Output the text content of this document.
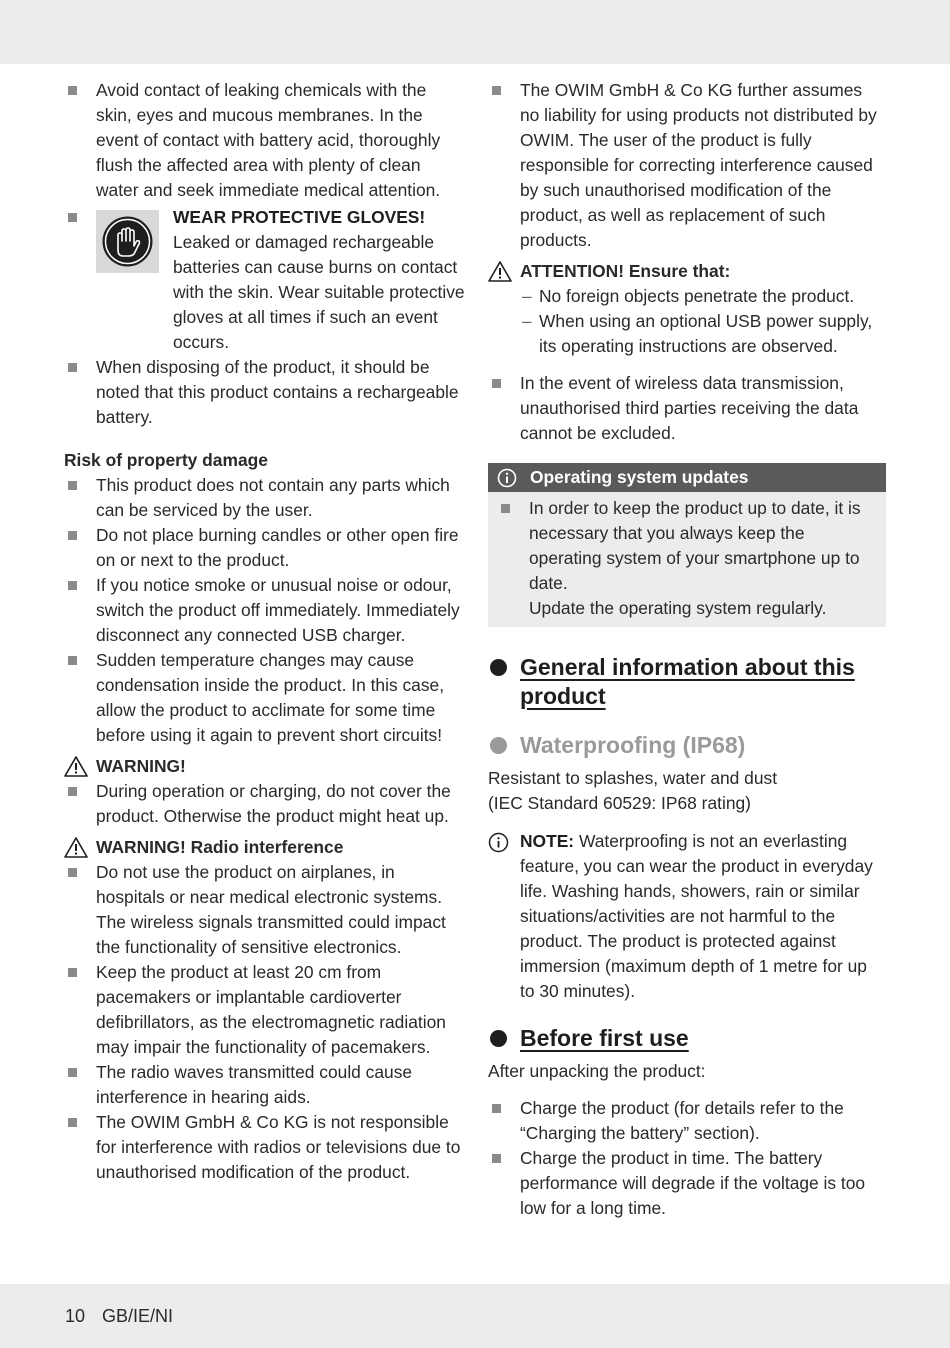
Avoid contact of leaking chemicals with the skin, eyes and mucous membranes. In the event of contact with battery acid, thoroughly flush the affected area with plenty of clean water and seek immediate medical attention.
WEAR PROTECTIVE GLOVES!
Leaked or damaged rechargeable batteries can cause burns on contact with the skin. Wear suitable protective gloves at all times if such an event occurs.
When disposing of the product, it should be noted that this product contains a rechargeable battery.
Risk of property damage
This product does not contain any parts which can be serviced by the user.
Do not place burning candles or other open fire on or next to the product.
If you notice smoke or unusual noise or odour, switch the product off immediately. Immediately disconnect any connected USB charger.
Sudden temperature changes may cause condensation inside the product. In this case, allow the product to acclimate for some time before using it again to prevent short circuits!
WARNING!
During operation or charging, do not cover the product. Otherwise the product might heat up.
WARNING! Radio interference
Do not use the product on airplanes, in hospitals or near medical electronic systems. The wireless signals transmitted could impact the functionality of sensitive electronics.
Keep the product at least 20 cm from pacemakers or implantable cardioverter defibrillators, as the electromagnetic radiation may impair the functionality of pacemakers.
The radio waves transmitted could cause interference in hearing aids.
The OWIM GmbH & Co KG is not responsible for interference with radios or televisions due to unauthorised modification of the product.
The OWIM GmbH & Co KG further assumes no liability for using products not distributed by OWIM. The user of the product is fully responsible for correcting interference caused by such unauthorised modification of the product, as well as replacement of such products.
ATTENTION! Ensure that:
– No foreign objects penetrate the product.
– When using an optional USB power supply, its operating instructions are observed.
In the event of wireless data transmission, unauthorised third parties receiving the data cannot be excluded.
Operating system updates
In order to keep the product up to date, it is necessary that you always keep the operating system of your smartphone up to date.
Update the operating system regularly.
General information about this
product
Waterproofing (IP68)
Resistant to splashes, water and dust
(IEC Standard 60529: IP68 rating)
NOTE: Waterproofing is not an everlasting feature, you can wear the product in everyday life. Washing hands, showers, rain or similar situations/activities are not harmful to the product. The product is protected against immersion (maximum depth of 1 metre for up to 30 minutes).
Before first use
After unpacking the product:
Charge the product (for details refer to the “Charging the battery” section).
Charge the product in time. The battery performance will degrade if the voltage is too low for a long time.
10 GB/IE/NI
